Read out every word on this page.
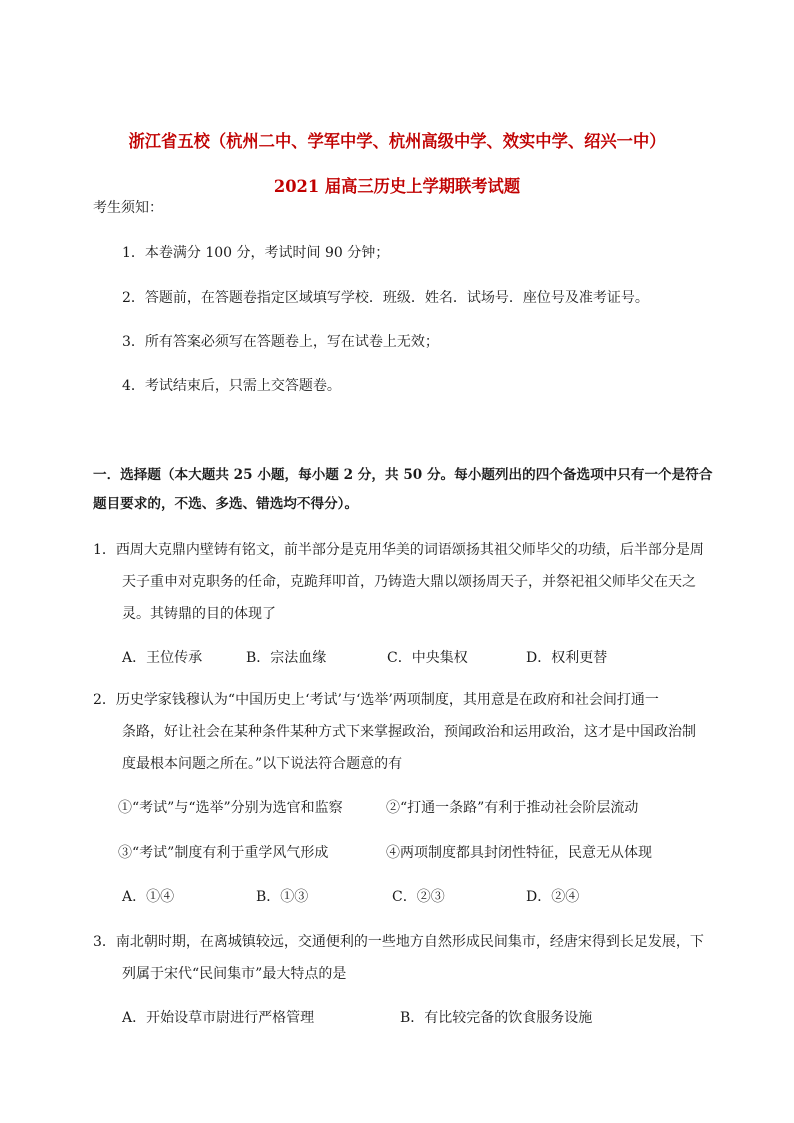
浙江省五校（杭州二中、学军中学、杭州高级中学、效实中学、绍兴一中）
2021 届高三历史上学期联考试题
考生须知：
1．本卷满分 100 分，考试时间 90 分钟；
2．答题前，在答题卷指定区域填写学校．班级．姓名．试场号．座位号及准考证号。
3．所有答案必须写在答题卷上，写在试卷上无效；
4．考试结束后，只需上交答题卷。
一．选择题（本大题共 25 小题，每小题 2 分，共 50 分。每小题列出的四个备选项中只有一个是符合
题目要求的，不选、多选、错选均不得分）。
1．西周大克鼎内壁铸有铭文，前半部分是克用华美的词语颂扬其祖父师毕父的功绩，后半部分是周
天子重申对克职务的任命，克跪拜叩首，乃铸造大鼎以颂扬周天子，并祭祀祖父师毕父在天之
灵。其铸鼎的目的体现了
A．王位传承	B．宗法血缘	C．中央集权	D．权利更替
2．历史学家钱穆认为“中国历史上‘考试’与‘选举’两项制度，其用意是在政府和社会间打通一
条路，好让社会在某种条件某种方式下来掌握政治，预闻政治和运用政治，这才是中国政治制
度最根本问题之所在。”以下说法符合题意的有
①“考试”与“选举”分别为选官和监察	②“打通一条路”有利于推动社会阶层流动
③“考试”制度有利于重学风气形成	④两项制度都具封闭性特征，民意无从体现
A．①④	B．①③	C．②③	D．②④
3．南北朝时期，在离城镇较远，交通便利的一些地方自然形成民间集市，经唐宋得到长足发展，下
列属于宋代“民间集市”最大特点的是
A．开始设草市尉进行严格管理	B．有比较完备的饮食服务设施
